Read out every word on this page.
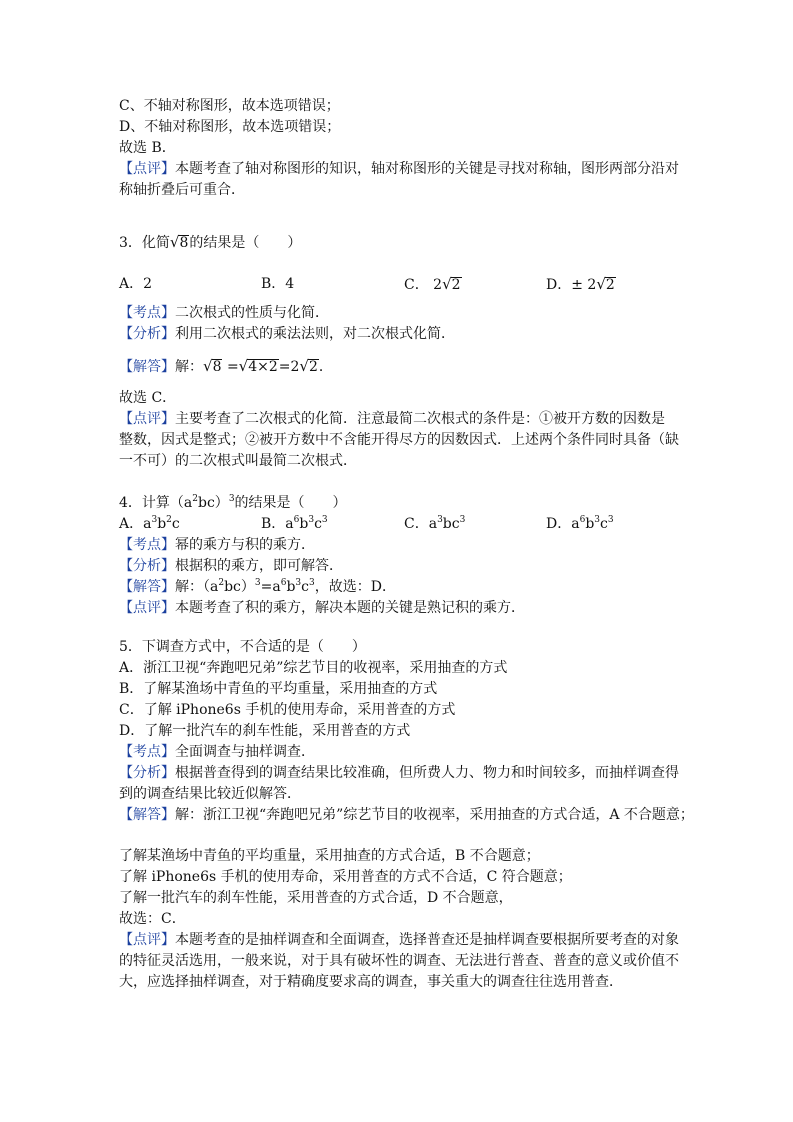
C、不轴对称图形，故本选项错误；
D、不轴对称图形，故本选项错误；
故选 B．
【点评】本题考查了轴对称图形的知识，轴对称图形的关键是寻找对称轴，图形两部分沿对
称轴折叠后可重合．
3．化简√8的结果是（　　）
A．2	B．4	C． 2√2	D．± 2√2
【考点】二次根式的性质与化简．
【分析】利用二次根式的乘法法则，对二次根式化简．
【解答】解：√8 =√4×2=2√2．
故选 C．
【点评】主要考查了二次根式的化简．注意最简二次根式的条件是：①被开方数的因数是
整数，因式是整式；②被开方数中不含能开得尽方的因数因式．上述两个条件同时具备（缺
一不可）的二次根式叫最简二次根式．
4．计算$(a^2bc)^3$的结果是（　　）
A．$a^3b^2c$	B．$a^6b^3c^3$	C．$a^3bc^3$	D．$a^6b^3c^3$
【考点】幂的乘方与积的乘方．
【分析】根据积的乘方，即可解答．
【解答】解：$(a^2bc)^3=a^6b^3c^3$，故选：D．
【点评】本题考查了积的乘方，解决本题的关键是熟记积的乘方．
5．下调查方式中，不合适的是（　　）
A．浙江卫视“奔跑吧兄弟”综艺节目的收视率，采用抽查的方式
B．了解某渔场中青鱼的平均重量，采用抽查的方式
C．了解 iPhone6s 手机的使用寿命，采用普查的方式
D．了解一批汽车的刹车性能，采用普查的方式
【考点】全面调查与抽样调查．
【分析】根据普查得到的调查结果比较准确，但所费人力、物力和时间较多，而抽样调查得
到的调查结果比较近似解答．
【解答】解：浙江卫视“奔跑吧兄弟”综艺节目的收视率，采用抽查的方式合适，A 不合题意；
了解某渔场中青鱼的平均重量，采用抽查的方式合适，B 不合题意；
了解 iPhone6s 手机的使用寿命，采用普查的方式不合适，C 符合题意；
了解一批汽车的刹车性能，采用普查的方式合适，D 不合题意，
故选：C．
【点评】本题考查的是抽样调查和全面调查，选择普查还是抽样调查要根据所要考查的对象
的特征灵活选用，一般来说，对于具有破坏性的调查、无法进行普查、普查的意义或价值不
大，应选择抽样调查，对于精确度要求高的调查，事关重大的调查往往选用普查．
